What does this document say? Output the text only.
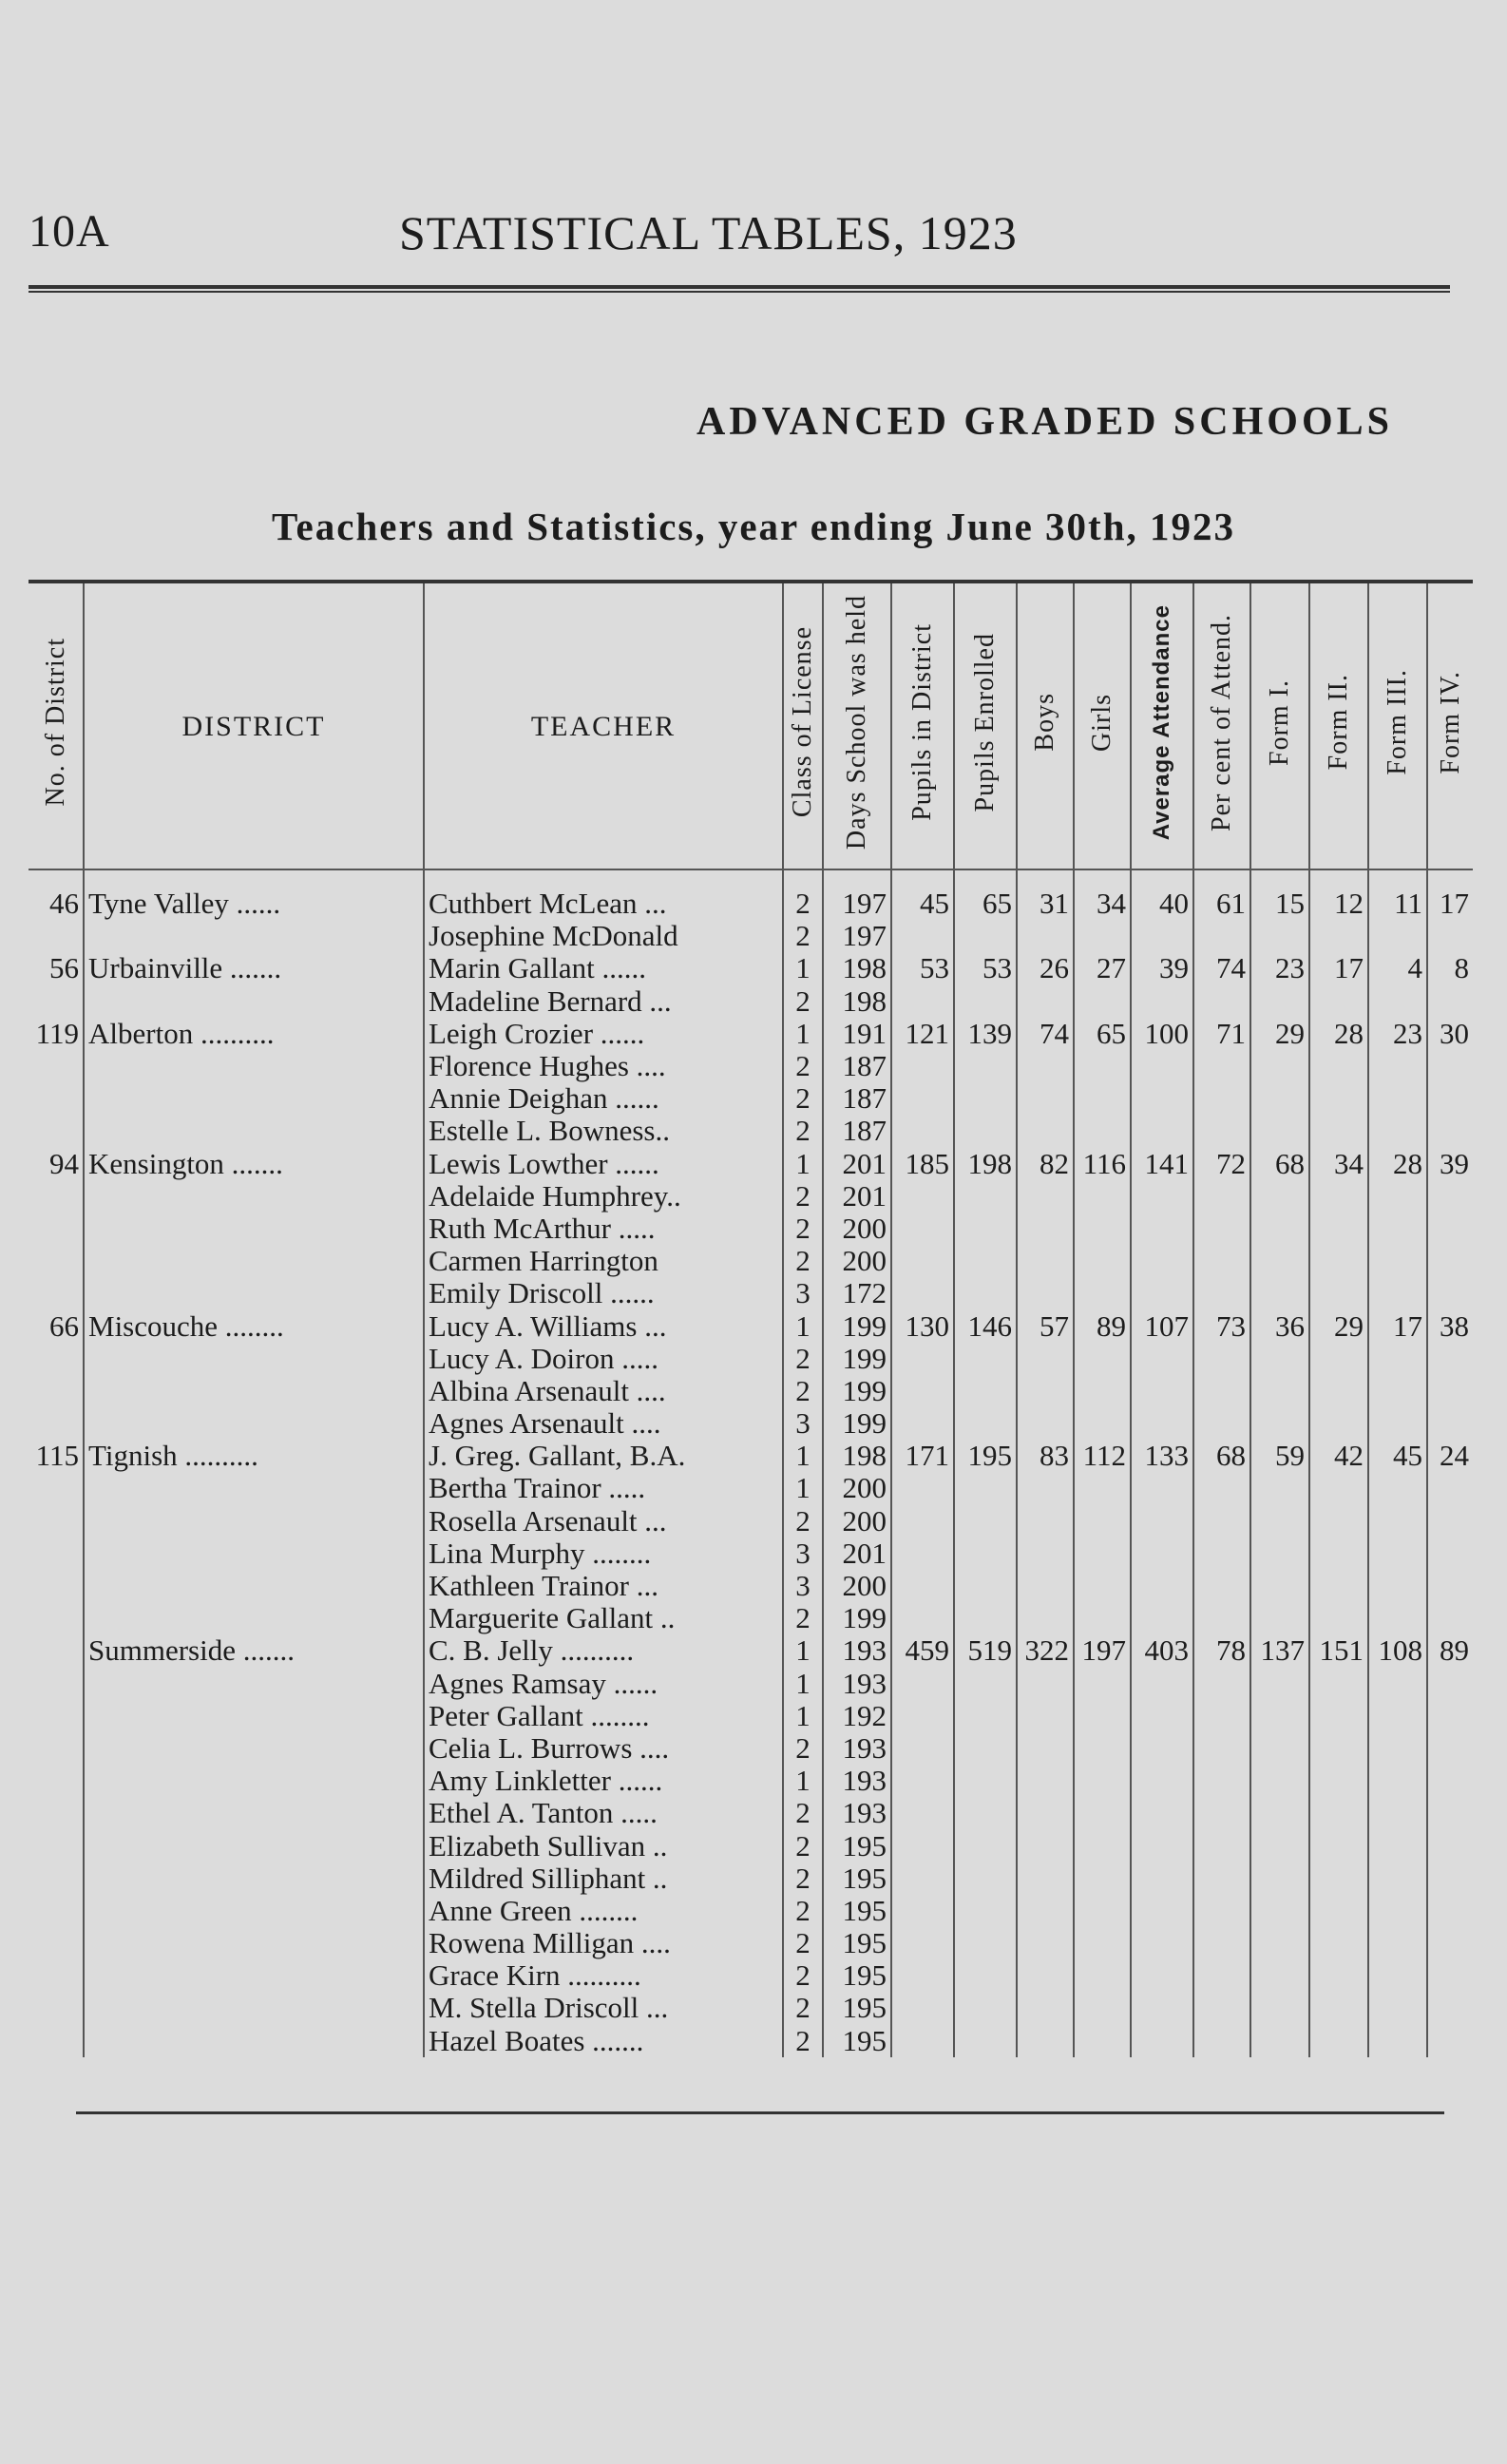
10A	STATISTICAL TABLES, 1923
ADVANCED GRADED SCHOOLS
Teachers and Statistics, year ending June 30th, 1923
No. of District	DISTRICT	TEACHER	Class of License	Days School was held	Pupils in District	Pupils Enrolled	Boys	Girls	Average Attendance	Per cent of Attend.	Form I.	Form II.	Form III.	Form IV.
46	Tyne Valley ......	Cuthbert McLean ...	2	197	45	65	31	34	40	61	15	12	11	17
		Josephine McDonald	2	197										
56	Urbainville .......	Marin Gallant ......	1	198	53	53	26	27	39	74	23	17	4	8
		Madeline Bernard ...	2	198										
119	Alberton ..........	Leigh Crozier ......	1	191	121	139	74	65	100	71	29	28	23	30
		Florence Hughes ....	2	187										
		Annie Deighan ......	2	187										
		Estelle L. Bowness..	2	187										
94	Kensington .......	Lewis Lowther ......	1	201	185	198	82	116	141	72	68	34	28	39
		Adelaide Humphrey..	2	201										
		Ruth McArthur .....	2	200										
		Carmen Harrington	2	200										
		Emily Driscoll ......	3	172										
66	Miscouche ........	Lucy A. Williams ...	1	199	130	146	57	89	107	73	36	29	17	38
		Lucy A. Doiron .....	2	199										
		Albina Arsenault ....	2	199										
		Agnes Arsenault ....	3	199										
115	Tignish ..........	J. Greg. Gallant, B.A.	1	198	171	195	83	112	133	68	59	42	45	24
		Bertha Trainor .....	1	200										
		Rosella Arsenault ...	2	200										
		Lina Murphy ........	3	201										
		Kathleen Trainor ...	3	200										
		Marguerite Gallant ..	2	199										
	Summerside .......	C. B. Jelly ..........	1	193	459	519	322	197	403	78	137	151	108	89
		Agnes Ramsay ......	1	193										
		Peter Gallant ........	1	192										
		Celia L. Burrows ....	2	193										
		Amy Linkletter ......	1	193										
		Ethel A. Tanton .....	2	193										
		Elizabeth Sullivan ..	2	195										
		Mildred Silliphant ..	2	195										
		Anne Green ........	2	195										
		Rowena Milligan ....	2	195										
		Grace Kirn ..........	2	195										
		M. Stella Driscoll ...	2	195										
		Hazel Boates .......	2	195										
